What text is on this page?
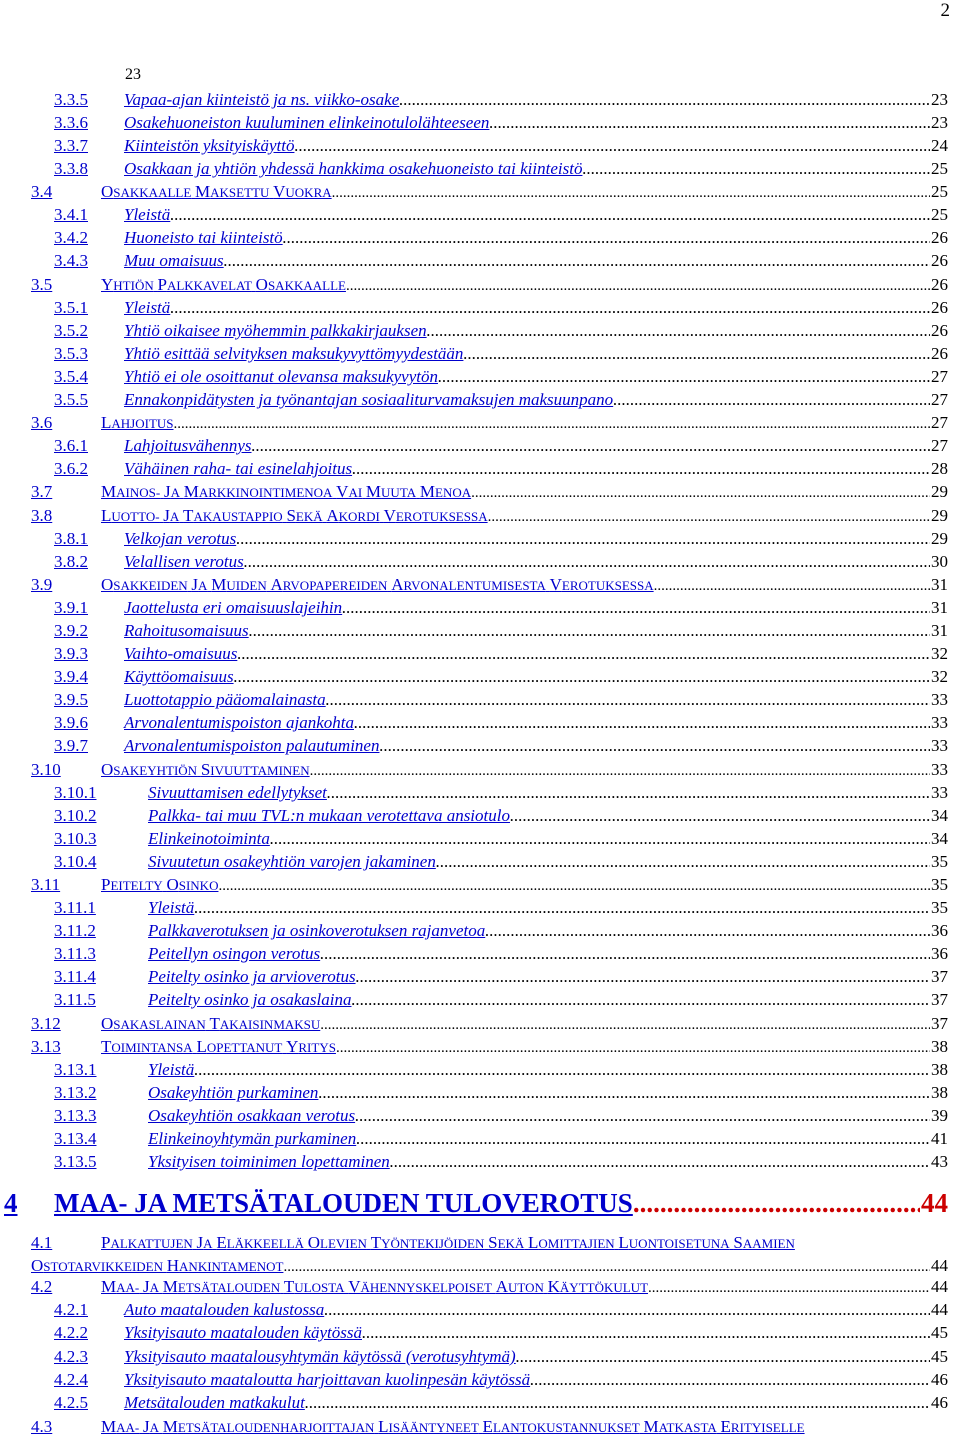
2
23
3.3.5 Vapaa-ajan kiinteistö ja ns. viikko-osake .....	23
3.3.6 Osakehuoneiston kuuluminen elinkeinotulolähteeseen .....	23
3.3.7 Kiinteistön yksityiskäyttö .....	24
3.3.8 Osakkaan ja yhtiön yhdessä hankkima osakehuoneisto tai kiinteistö .....	25
3.4	OSAKKAALLE MAKSETTU VUOKRA .....	25
3.4.1 Yleistä .....	25
3.4.2 Huoneisto tai kiinteistö .....	26
3.4.3 Muu omaisuus .....	26
3.5	YHTIÖN PALKKAVELAT OSAKKAALLE .....	26
3.5.1 Yleistä .....	26
3.5.2 Yhtiö oikaisee myöhemmin palkkakirjauksen .....	26
3.5.3 Yhtiö esittää selvityksen maksukyvyttömyydestään .....	26
3.5.4 Yhtiö ei ole osoittanut olevansa maksukyvytön .....	27
3.5.5 Ennakonpidätysten ja työnantajan sosiaaliturvamaksujen maksuunpano .....	27
3.6	LAHJOITUS .....	27
3.6.1 Lahjoitusvähennys .....	27
3.6.2 Vähäinen raha- tai esinelahjoitus .....	28
3.7	MAINOS- JA MARKKINOINTIMENOA VAI MUUTA MENOA .....	29
3.8	LUOTTO- JA TAKAUSTAPPIO SEKÄ AKORDI VEROTUKSESSA .....	29
3.8.1 Velkojan verotus .....	29
3.8.2 Velallisen verotus .....	30
3.9	OSAKKEIDEN JA MUIDEN ARVOPAPEREIDEN ARVONALENTUMISESTA VEROTUKSESSA .....	31
3.9.1 Jaottelusta eri omaisuuslajeihin .....	31
3.9.2 Rahoitusomaisuus .....	31
3.9.3 Vaihto-omaisuus .....	32
3.9.4 Käyttöomaisuus .....	32
3.9.5 Luottotappio pääomalainasta .....	33
3.9.6 Arvonalentumispoiston ajankohta .....	33
3.9.7 Arvonalentumispoiston palautuminen .....	33
3.10 OSAKEYHTIÖN SIVUUTTAMINEN .....	33
3.10.1	Sivuuttamisen edellytykset .....	33
3.10.2	Palkka- tai muu TVL:n mukaan verotettava ansiotulo .....	34
3.10.3	Elinkeinotoiminta .....	34
3.10.4	Sivuutetun osakeyhtiön varojen jakaminen .....	35
3.11 PEITELTY OSINKO .....	35
3.11.1	Yleistä .....	35
3.11.2	Palkkaverotuksen ja osinkoverotuksen rajanvetoa .....	36
3.11.3	Peitellyn osingon verotus .....	36
3.11.4	Peitelty osinko ja arvioverotus .....	37
3.11.5	Peitelty osinko ja osakaslaina .....	37
3.12 OSAKASLAINAN TAKAISINMAKSU .....	37
3.13 TOIMINTANSA LOPETTANUT YRITYS .....	38
3.13.1	Yleistä .....	38
3.13.2	Osakeyhtiön purkaminen .....	38
3.13.3	Osakeyhtiön osakkaan verotus .....	39
3.13.4	Elinkeinoyhtymän purkaminen .....	41
3.13.5	Yksityisen toiminimen lopettaminen .....	43
4 MAA- JA METSÄTALOUDEN TULOVEROTUS .....	44
4.1	PALKATTUJEN JA ELÄKKEELLÄ OLEVIEN TYÖNTEKIJÖIDEN SEKÄ LOMITTAJIEN LUONTOISETUNA SAAMIEN
OSTOTARVIKKEIDEN HANKINTAMENOT .....	44
4.2	MAA- JA METSÄTALOUDEN TULOSTA VÄHENNYSKELPOISET AUTON KÄYTTÖKULUT .....	44
4.2.1 Auto maatalouden kalustossa .....	44
4.2.2 Yksityisauto maatalouden käytössä .....	45
4.2.3 Yksityisauto maatalousyhtymän käytössä (verotusyhtymä) .....	45
4.2.4 Yksityisauto maataloutta harjoittavan kuolinpesän käytössä .....	46
4.2.5 Metsätalouden matkakulut .....	46
4.3	MAA- JA METSÄTALOUDENHARJOITTAJAN LISÄÄNTYNEET ELANTOKUSTANNUKSET MATKASTA ERITYISELLE
